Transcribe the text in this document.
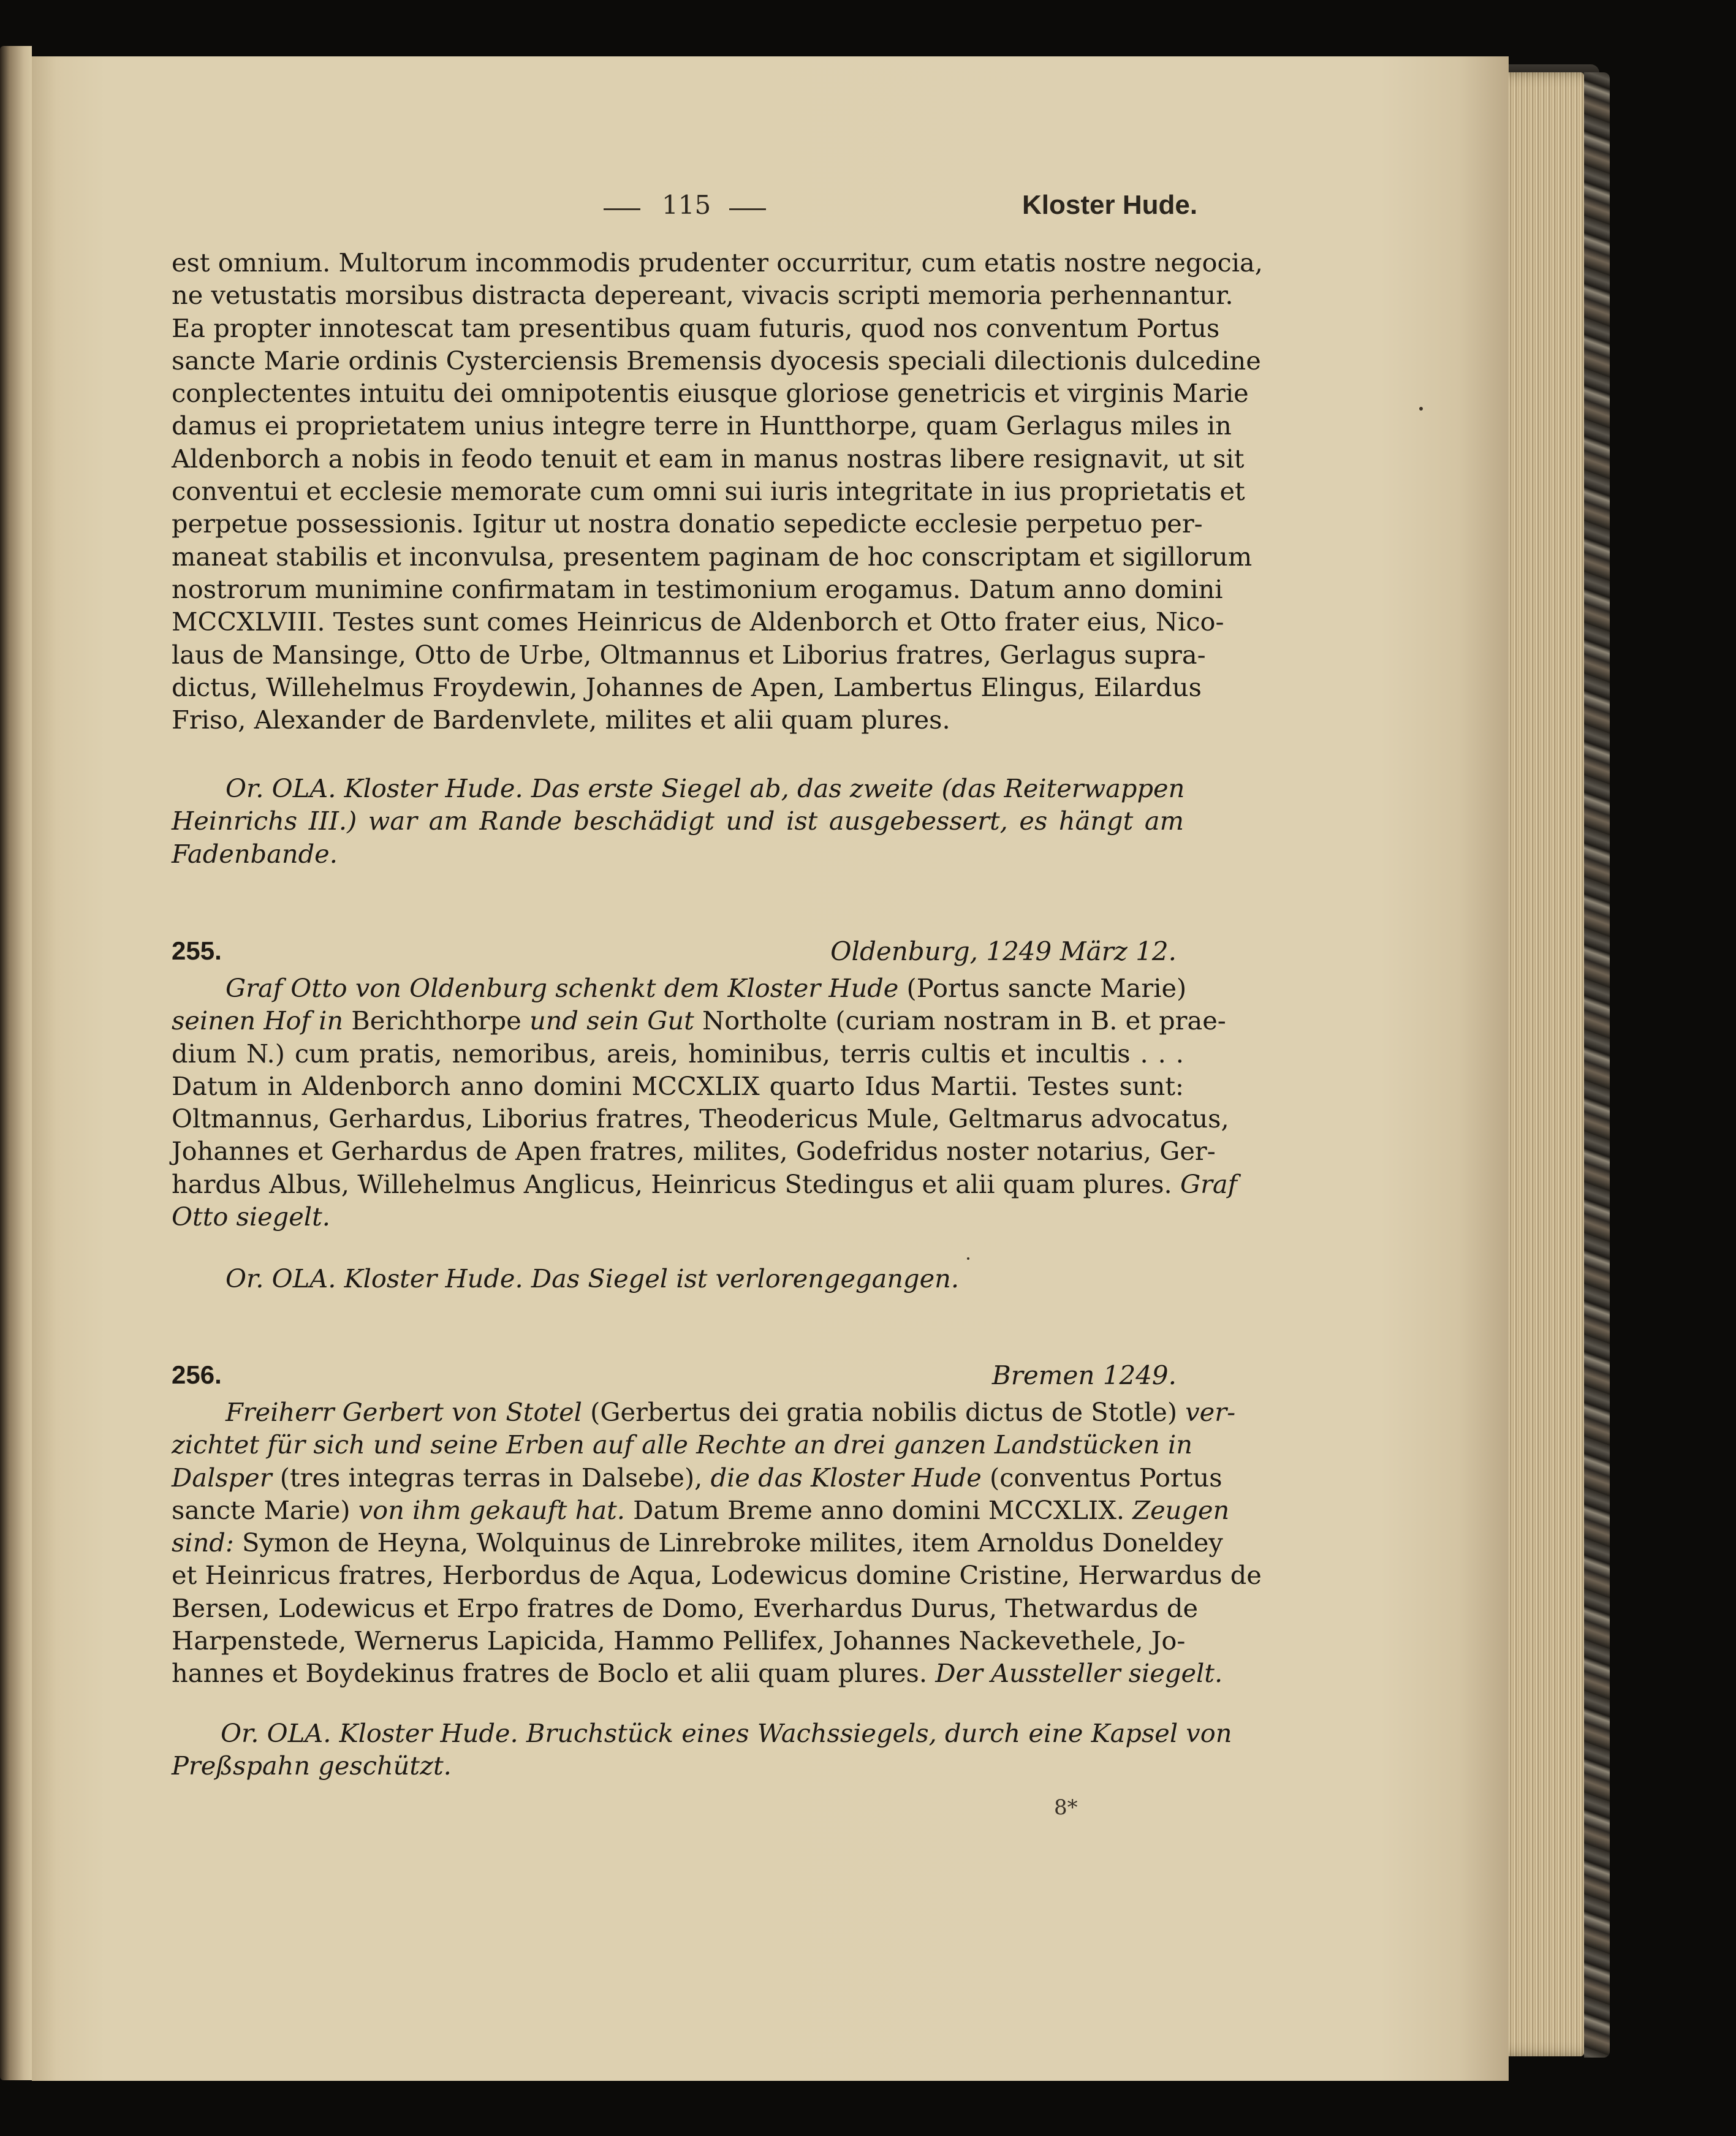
115	Kloster Hude.
est omnium. Multorum incommodis prudenter occurritur, cum etatis nostre negocia,
ne vetustatis morsibus distracta depereant, vivacis scripti memoria perhennantur.
Ea propter innotescat tam presentibus quam futuris, quod nos conventum Portus
sancte Marie ordinis Cysterciensis Bremensis dyocesis speciali dilectionis dulcedine
conplectentes intuitu dei omnipotentis eiusque gloriose genetricis et virginis Marie
damus ei proprietatem unius integre terre in Huntthorpe, quam Gerlagus miles in
Aldenborch a nobis in feodo tenuit et eam in manus nostras libere resignavit, ut sit
conventui et ecclesie memorate cum omni sui iuris integritate in ius proprietatis et
perpetue possessionis. Igitur ut nostra donatio sepedicte ecclesie perpetuo per-
maneat stabilis et inconvulsa, presentem paginam de hoc conscriptam et sigillorum
nostrorum munimine confirmatam in testimonium erogamus. Datum anno domini
MCCXLVIII. Testes sunt comes Heinricus de Aldenborch et Otto frater eius, Nico-
laus de Mansinge, Otto de Urbe, Oltmannus et Liborius fratres, Gerlagus supra-
dictus, Willehelmus Froydewin, Johannes de Apen, Lambertus Elingus, Eilardus
Friso, Alexander de Bardenvlete, milites et alii quam plures.
Or. OLA. Kloster Hude. Das erste Siegel ab, das zweite (das Reiterwappen
Heinrichs III.) war am Rande beschädigt und ist ausgebessert, es hängt am
Fadenbande.
255.	Oldenburg, 1249 März 12.
Graf Otto von Oldenburg schenkt dem Kloster Hude (Portus sancte Marie)
seinen Hof in Berichthorpe und sein Gut Northolte (curiam nostram in B. et prae-
dium N.) cum pratis, nemoribus, areis, hominibus, terris cultis et incultis . . .
Datum in Aldenborch anno domini MCCXLIX quarto Idus Martii. Testes sunt:
Oltmannus, Gerhardus, Liborius fratres, Theodericus Mule, Geltmarus advocatus,
Johannes et Gerhardus de Apen fratres, milites, Godefridus noster notarius, Ger-
hardus Albus, Willehelmus Anglicus, Heinricus Stedingus et alii quam plures. Graf
Otto siegelt.
Or. OLA. Kloster Hude. Das Siegel ist verlorengegangen.
256.	Bremen 1249.
Freiherr Gerbert von Stotel (Gerbertus dei gratia nobilis dictus de Stotle) ver-
zichtet für sich und seine Erben auf alle Rechte an drei ganzen Landstücken in
Dalsper (tres integras terras in Dalsebe), die das Kloster Hude (conventus Portus
sancte Marie) von ihm gekauft hat. Datum Breme anno domini MCCXLIX. Zeugen
sind: Symon de Heyna, Wolquinus de Linrebroke milites, item Arnoldus Doneldey
et Heinricus fratres, Herbordus de Aqua, Lodewicus domine Cristine, Herwardus de
Bersen, Lodewicus et Erpo fratres de Domo, Everhardus Durus, Thetwardus de
Harpenstede, Wernerus Lapicida, Hammo Pellifex, Johannes Nackevethele, Jo-
hannes et Boydekinus fratres de Boclo et alii quam plures. Der Aussteller siegelt.
Or. OLA. Kloster Hude. Bruchstück eines Wachssiegels, durch eine Kapsel von
Preßspahn geschützt.
8*
